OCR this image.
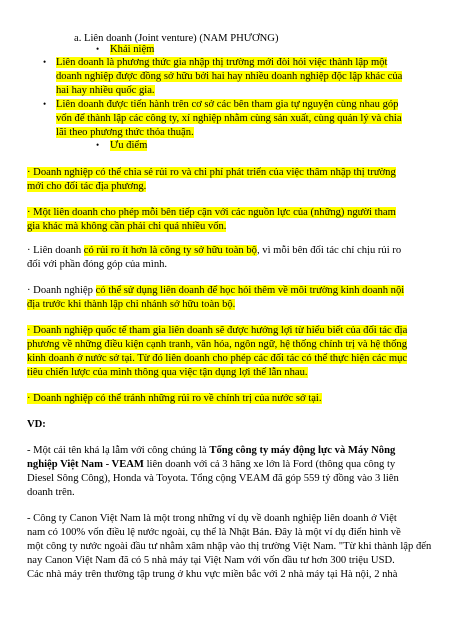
a. Liên doanh (Joint venture) (NAM PHƯƠNG)
• Khái niệm
• Liên doanh là phương thức gia nhập thị trường mới đòi hỏi việc thành lập một
doanh nghiệp được đồng sở hữu bởi hai hay nhiều doanh nghiệp độc lập khác của
hai hay nhiều quốc gia.
• Liên doanh được tiến hành trên cơ sở các bên tham gia tự nguyện cùng nhau góp
vốn để thành lập các công ty, xí nghiệp nhằm cùng sản xuất, cùng quản lý và chia
lãi theo phương thức thỏa thuận.
• Ưu điểm
· Doanh nghiệp có thể chia sẻ rủi ro và chi phí phát triển của việc thâm nhập thị trường
mới cho đối tác địa phương.
· Một liên doanh cho phép mỗi bên tiếp cận với các nguồn lực của (những) người tham
gia khác mà không cần phải chi quá nhiều vốn.
· Liên doanh có rủi ro ít hơn là công ty sở hữu toàn bộ, vì mỗi bên đối tác chỉ chịu rủi ro
đối với phần đóng góp của mình.
· Doanh nghiệp có thể sử dụng liên doanh để học hỏi thêm về môi trường kinh doanh nội
địa trước khi thành lập chi nhánh sở hữu toàn bộ.
· Doanh nghiệp quốc tế tham gia liên doanh sẽ được hưởng lợi từ hiểu biết của đối tác địa
phương về những điều kiện cạnh tranh, văn hóa, ngôn ngữ, hệ thống chính trị và hệ thống
kinh doanh ở nước sở tại. Từ đó liên doanh cho phép các đối tác có thể thực hiện các mục
tiêu chiến lược của mình thông qua việc tận dụng lợi thế lẫn nhau.
· Doanh nghiệp có thể tránh những rủi ro về chính trị của nước sở tại.
VD:
- Một cái tên khá lạ lẫm với công chúng là Tổng công ty máy động lực và Máy Nông
nghiệp Việt Nam - VEAM liên doanh với cả 3 hãng xe lớn là Ford (thông qua công ty
Diesel Sông Công), Honda và Toyota. Tổng cộng VEAM đã góp 559 tỷ đồng vào 3 liên
doanh trên.
- Công ty Canon Việt Nam là một trong những ví dụ về doanh nghiệp liên doanh ở Việt
nam có 100% vốn điều lệ nước ngoài, cụ thể là Nhật Bản. Đây là một ví dụ điển hình về
một công ty nước ngoài đầu tư nhằm xâm nhập vào thị trường Việt Nam. "Từ khi thành lập đến
nay Canon Việt Nam đã có 5 nhà máy tại Việt Nam với vốn đầu tư hơn 300 triệu USD.
Các nhà máy trên thường tập trung ở khu vực miền bắc với 2 nhà máy tại Hà nội, 2 nhà
